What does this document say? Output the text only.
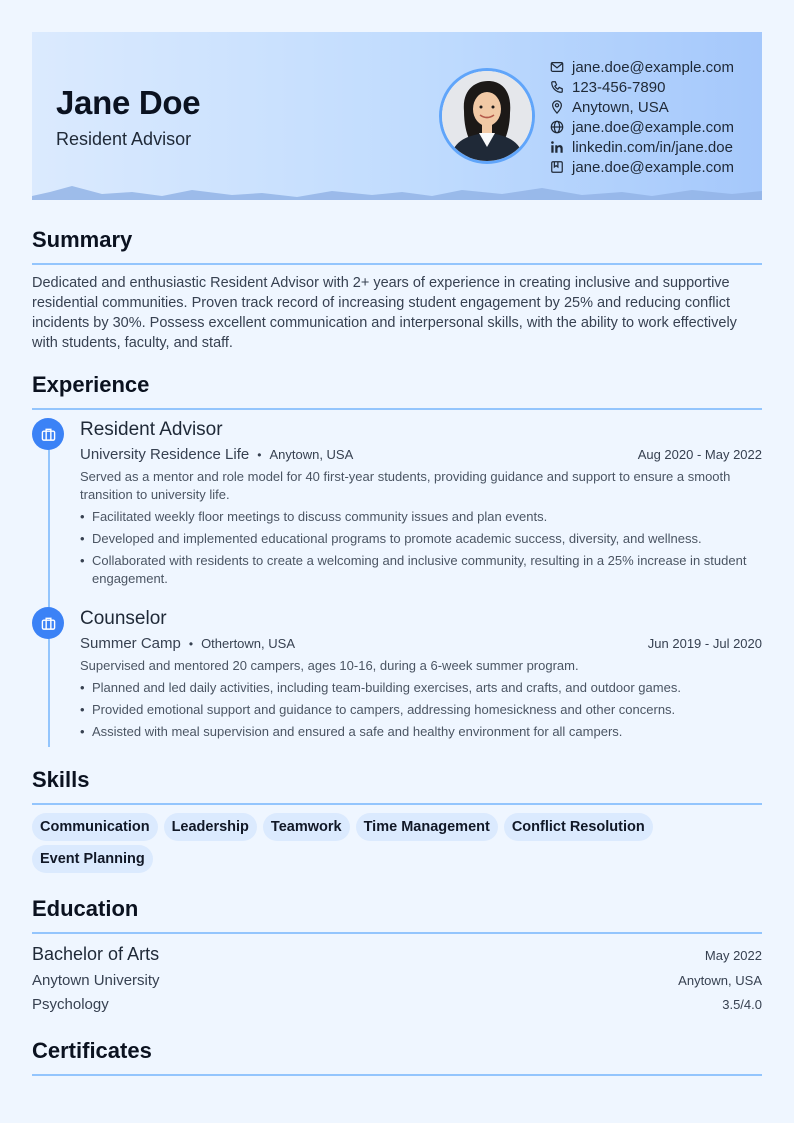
Jane Doe
Resident Advisor
jane.doe@example.com
123-456-7890
Anytown, USA
jane.doe@example.com
linkedin.com/in/jane.doe
jane.doe@example.com
Summary
Dedicated and enthusiastic Resident Advisor with 2+ years of experience in creating inclusive and supportive residential communities. Proven track record of increasing student engagement by 25% and reducing conflict incidents by 30%. Possess excellent communication and interpersonal skills, with the ability to work effectively with students, faculty, and staff.
Experience
Resident Advisor
University Residence Life • Anytown, USA	Aug 2020 - May 2022
Served as a mentor and role model for 40 first-year students, providing guidance and support to ensure a smooth transition to university life.
• Facilitated weekly floor meetings to discuss community issues and plan events.
• Developed and implemented educational programs to promote academic success, diversity, and wellness.
• Collaborated with residents to create a welcoming and inclusive community, resulting in a 25% increase in student engagement.
Counselor
Summer Camp • Othertown, USA	Jun 2019 - Jul 2020
Supervised and mentored 20 campers, ages 10-16, during a 6-week summer program.
• Planned and led daily activities, including team-building exercises, arts and crafts, and outdoor games.
• Provided emotional support and guidance to campers, addressing homesickness and other concerns.
• Assisted with meal supervision and ensured a safe and healthy environment for all campers.
Skills
Communication Leadership Teamwork Time Management Conflict ResolutionEvent Planning
Education
Bachelor of Arts	May 2022
Anytown University	Anytown, USA
Psychology	3.5/4.0
Certificates
